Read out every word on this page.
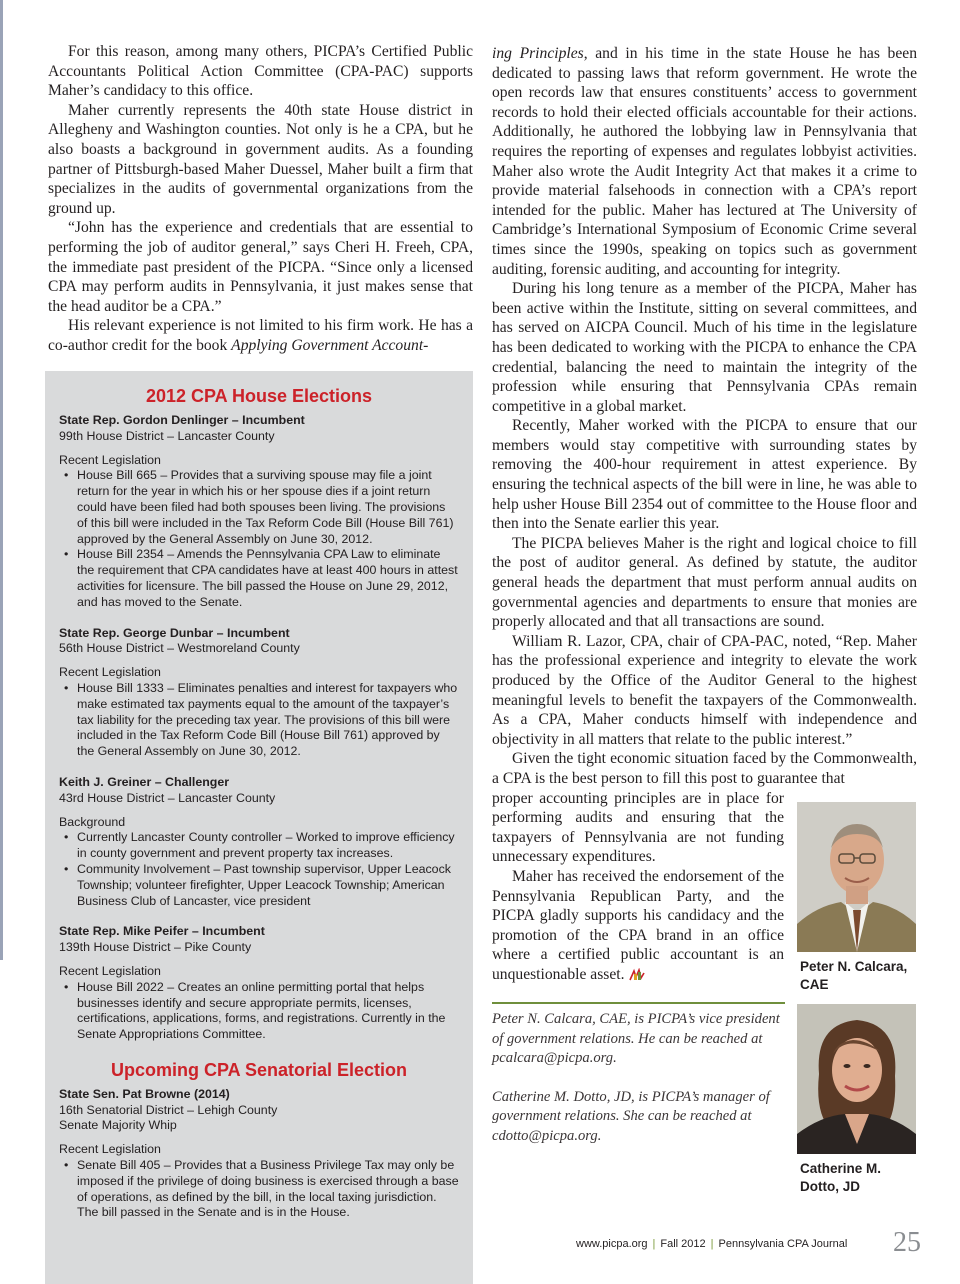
For this reason, among many others, PICPA’s Certified Public Accountants Political Action Committee (CPA-PAC) supports Maher’s candidacy to this office.

Maher currently represents the 40th state House district in Allegheny and Washington counties. Not only is he a CPA, but he also boasts a background in government audits. As a founding partner of Pittsburgh-based Maher Duessel, Maher built a firm that specializes in the audits of governmental organizations from the ground up.

“John has the experience and credentials that are essential to performing the job of auditor general,” says Cheri H. Freeh, CPA, the immediate past president of the PICPA. “Since only a licensed CPA may perform audits in Pennsylvania, it just makes sense that the head auditor be a CPA.”

His relevant experience is not limited to his firm work. He has a co-author credit for the book Applying Government Account-

2012 CPA House Elections
State Rep. Gordon Denlinger – Incumbent
99th House District – Lancaster County
Recent Legislation
• House Bill 665 – Provides that a surviving spouse may file a joint return for the year in which his or her spouse dies if a joint return could have been filed had both spouses been living. The provisions of this bill were included in the Tax Reform Code Bill (House Bill 761) approved by the General Assembly on June 30, 2012.
• House Bill 2354 – Amends the Pennsylvania CPA Law to eliminate the requirement that CPA candidates have at least 400 hours in attest activities for licensure. The bill passed the House on June 29, 2012, and has moved to the Senate.
State Rep. George Dunbar – Incumbent
56th House District – Westmoreland County
Recent Legislation
• House Bill 1333 – Eliminates penalties and interest for taxpayers who make estimated tax payments equal to the amount of the taxpayer’s tax liability for the preceding tax year. The provisions of this bill were included in the Tax Reform Code Bill (House Bill 761) approved by the General Assembly on June 30, 2012.
Keith J. Greiner – Challenger
43rd House District – Lancaster County
Background
• Currently Lancaster County controller – Worked to improve efficiency in county government and prevent property tax increases.
• Community Involvement – Past township supervisor, Upper Leacock Township; volunteer firefighter, Upper Leacock Township; American Business Club of Lancaster, vice president
State Rep. Mike Peifer – Incumbent
139th House District – Pike County
Recent Legislation
• House Bill 2022 – Creates an online permitting portal that helps businesses identify and secure appropriate permits, licenses, certifications, applications, forms, and registrations. Currently in the Senate Appropriations Committee.
Upcoming CPA Senatorial Election
State Sen. Pat Browne (2014)
16th Senatorial District – Lehigh County
Senate Majority Whip
Recent Legislation
• Senate Bill 405 – Provides that a Business Privilege Tax may only be imposed if the privilege of doing business is exercised through a base of operations, as defined by the bill, in the local taxing jurisdiction. The bill passed in the Senate and is in the House.

ing Principles, and in his time in the state House he has been dedicated to passing laws that reform government. He wrote the open records law that ensures constituents’ access to government records to hold their elected officials accountable for their actions. Additionally, he authored the lobbying law in Pennsylvania that requires the reporting of expenses and regulates lobbyist activities. Maher also wrote the Audit Integrity Act that makes it a crime to provide material falsehoods in connection with a CPA’s report intended for the public. Maher has lectured at The University of Cambridge’s International Symposium of Economic Crime several times since the 1990s, speaking on topics such as government auditing, forensic auditing, and accounting for integrity.

During his long tenure as a member of the PICPA, Maher has been active within the Institute, sitting on several committees, and has served on AICPA Council. Much of his time in the legislature has been dedicated to working with the PICPA to enhance the CPA credential, balancing the need to maintain the integrity of the profession while ensuring that Pennsylvania CPAs remain competitive in a global market.

Recently, Maher worked with the PICPA to ensure that our members would stay competitive with surrounding states by removing the 400-hour requirement in attest experience. By ensuring the technical aspects of the bill were in line, he was able to help usher House Bill 2354 out of committee to the House floor and then into the Senate earlier this year.

The PICPA believes Maher is the right and logical choice to fill the post of auditor general. As defined by statute, the auditor general heads the department that must perform annual audits on governmental agencies and departments to ensure that monies are properly allocated and that all transactions are sound.

William R. Lazor, CPA, chair of CPA-PAC, noted, “Rep. Maher has the professional experience and integrity to elevate the work produced by the Office of the Auditor General to the highest meaningful levels to benefit the taxpayers of the Commonwealth. As a CPA, Maher conducts himself with independence and objectivity in all matters that relate to the public interest.”

Given the tight economic situation faced by the Commonwealth, a CPA is the best person to fill this post to guarantee that

proper accounting principles are in place for performing audits and ensuring that the taxpayers of Pennsylvania are not funding unnecessary expenditures.

Maher has received the endorsement of the Pennsylvania Republican Party, and the PICPA gladly supports his candidacy and the promotion of the CPA brand in an office where a certified public accountant is an unquestionable asset.

Peter N. Calcara, CAE, is PICPA’s vice president of government relations. He can be reached at pcalcara@picpa.org.

Catherine M. Dotto, JD, is PICPA’s manager of government relations. She can be reached at cdotto@picpa.org.

Peter N. Calcara,
CAE
Catherine M.
Dotto, JD
www.picpa.org | Fall 2012 | Pennsylvania CPA Journal 25
